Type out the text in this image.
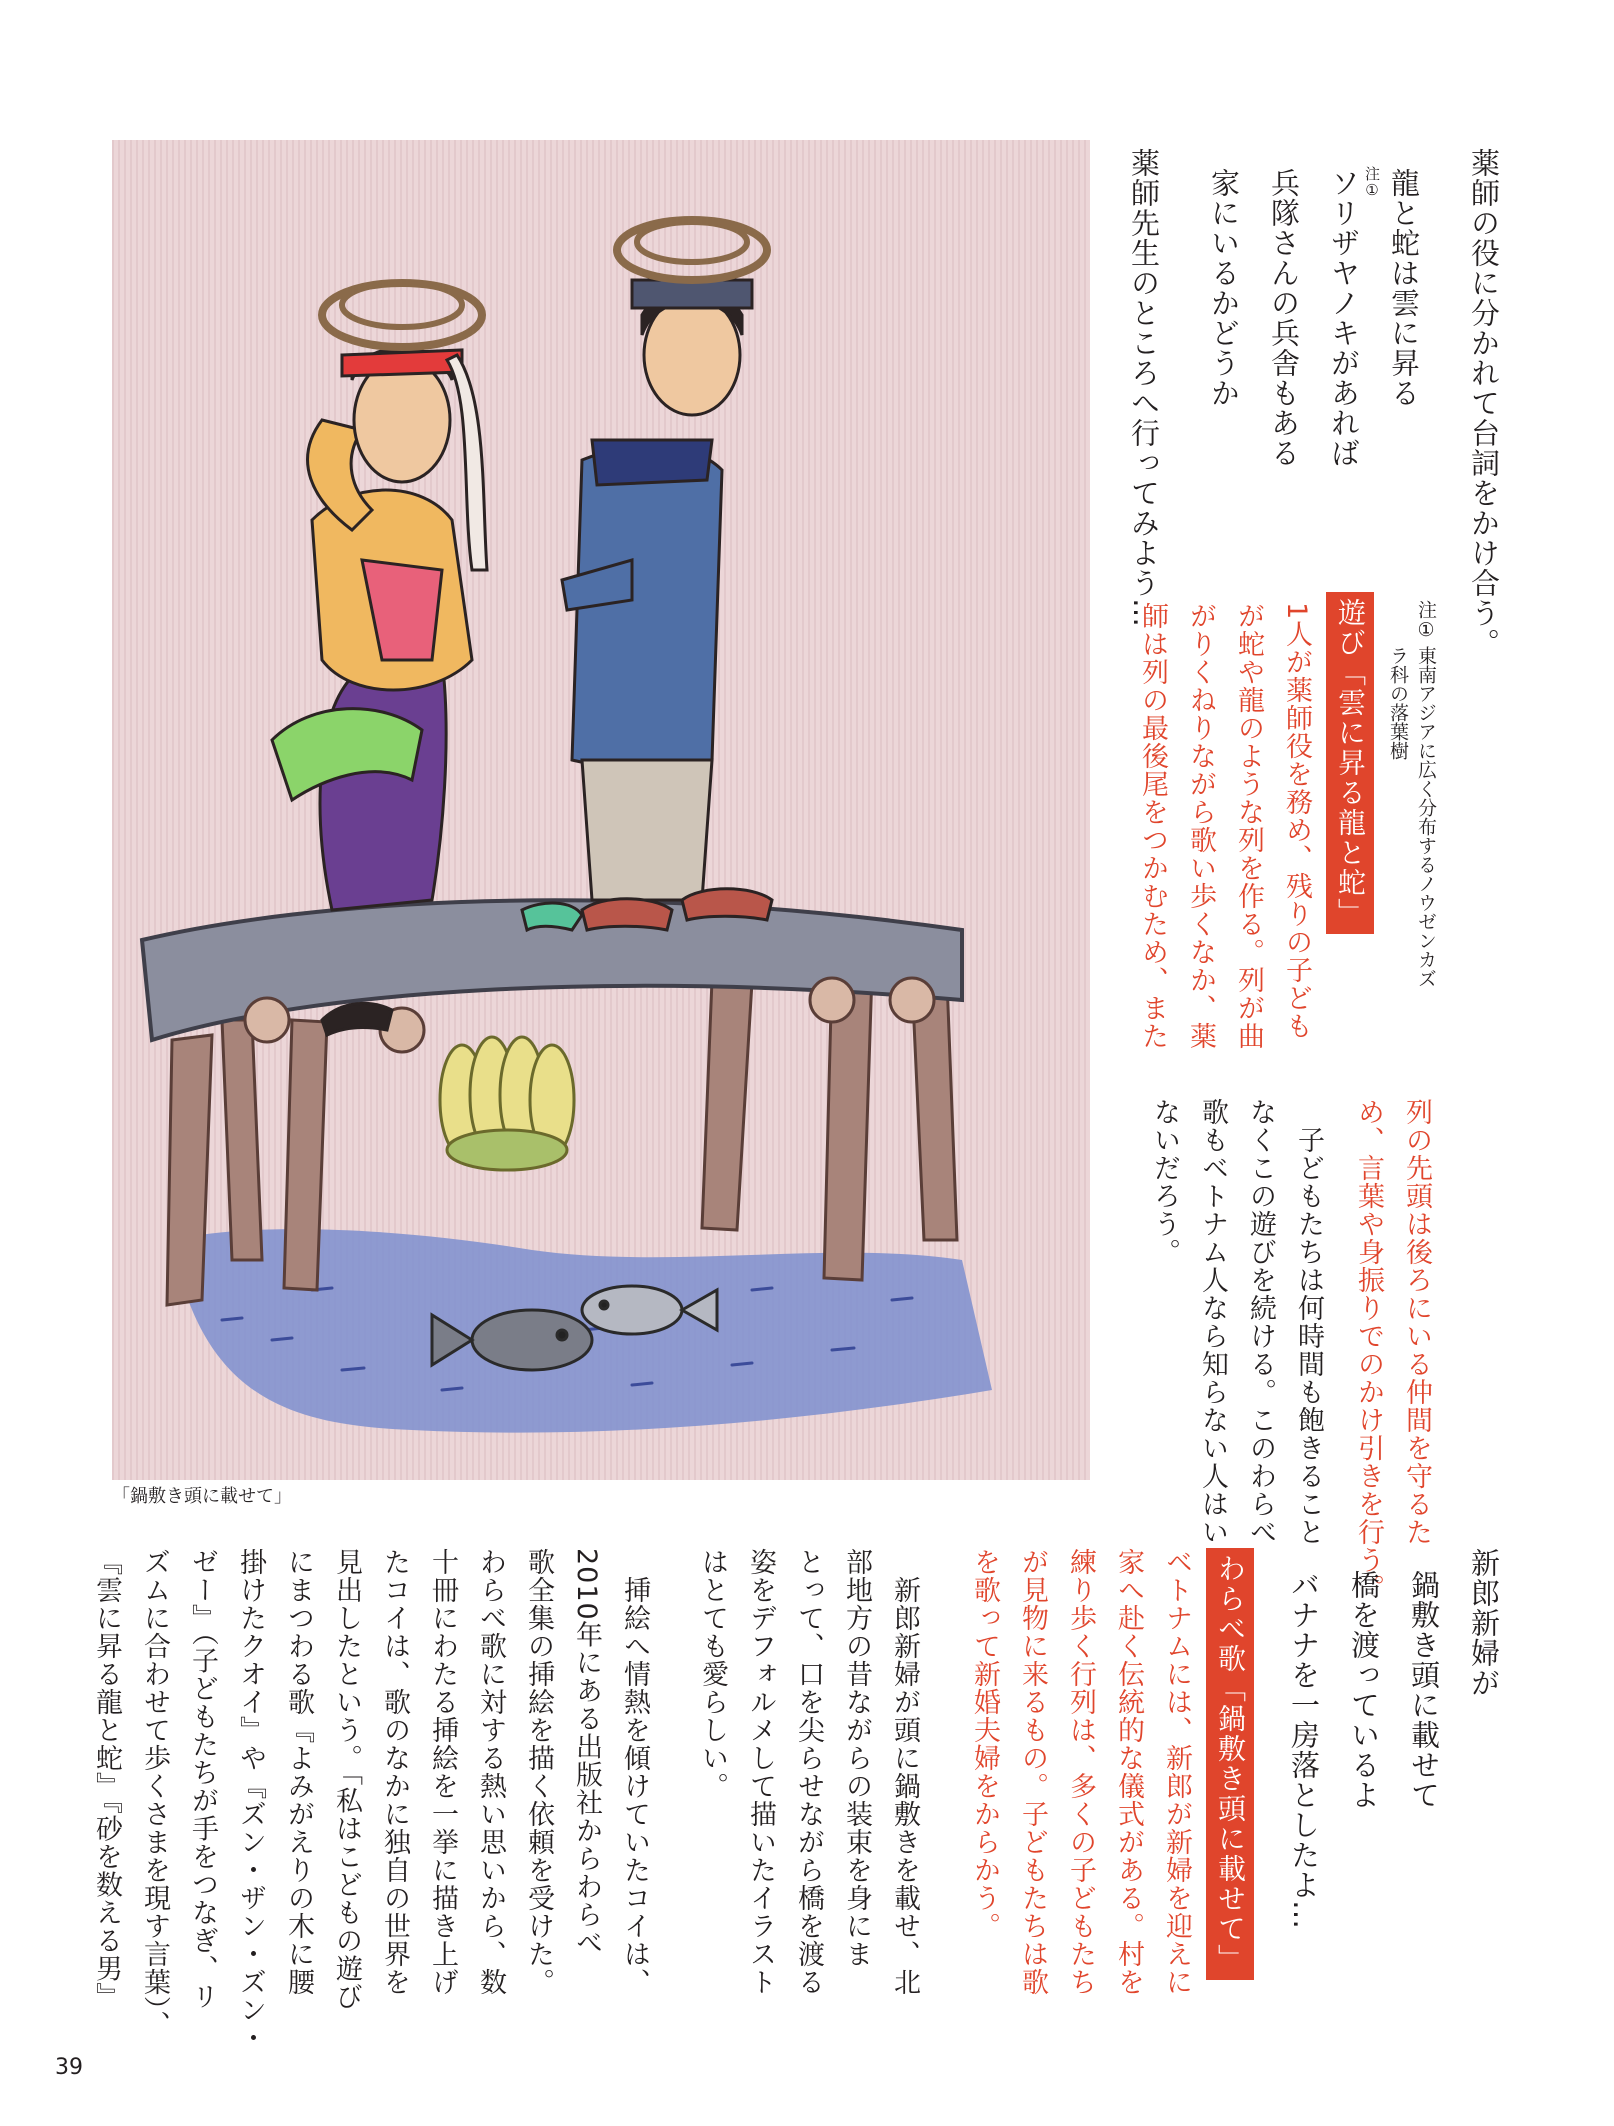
「鍋敷き頭に載せて」
薬師の役に分かれて台詞をかけ合う。
龍と蛇は雲に昇る
注①
ソリザヤノキがあれば
兵隊さんの兵舎もある
家にいるかどうか
薬師先生のところへ行ってみよう…	注①
東南アジアに広く分布するノウゼンカズ
ラ科の落葉樹
遊び「雲に昇る龍と蛇」
1人が薬師役を務め、残りの子ども
が蛇や龍のような列を作る。列が曲
がりくねりながら歌い歩くなか、薬
師は列の最後尾をつかむため、また
列の先頭は後ろにいる仲間を守るた
め、言葉や身振りでのかけ引きを行う。
　子どもたちは何時間も飽きること
なくこの遊びを続ける。このわらべ
歌もベトナム人なら知らない人はい
ないだろう。
新郎新婦が
鍋敷き頭に載せて
橋を渡っているよ
バナナを一房落としたよ…
わらべ歌「鍋敷き頭に載せて」
ベトナムには、新郎が新婦を迎えに
家へ赴く伝統的な儀式がある。村を
練り歩く行列は、多くの子どもたち
が見物に来るもの。子どもたちは歌
を歌って新婚夫婦をからかう。
　新郎新婦が頭に鍋敷きを載せ、北
部地方の昔ながらの装束を身にま
とって、口を尖らせながら橋を渡る
姿をデフォルメして描いたイラスト
はとても愛らしい。
　挿絵へ情熱を傾けていたコイは、
2010年にある出版社からわらべ
歌全集の挿絵を描く依頼を受けた。
わらべ歌に対する熱い思いから、数
十冊にわたる挿絵を一挙に描き上げ
たコイは、歌のなかに独自の世界を
見出したという。「私はこどもの遊び
にまつわる歌『よみがえりの木に腰
掛けたクオイ』や『ズン・ザン・ズン・
ゼー』（子どもたちが手をつなぎ、リ
ズムに合わせて歩くさまを現す言葉）、
『雲に昇る龍と蛇』『砂を数える男』
39
